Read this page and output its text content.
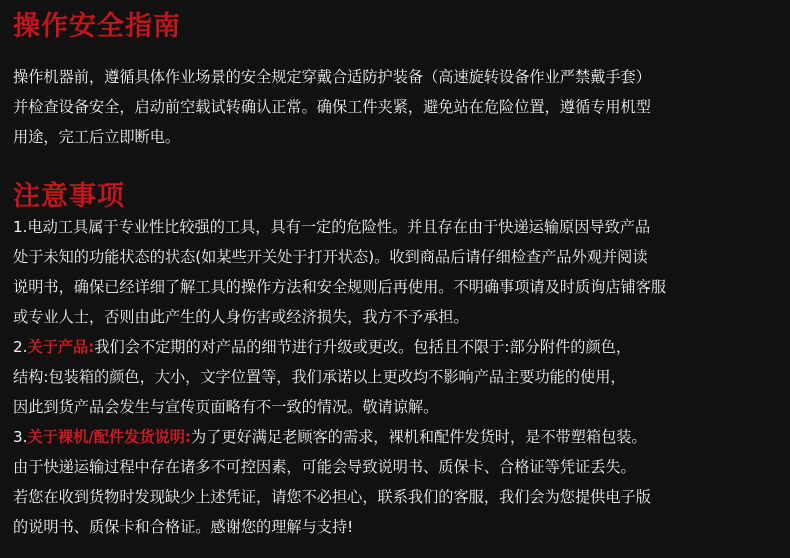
操作安全指南
操作机器前，遵循具体作业场景的安全规定穿戴合适防护装备（高速旋转设备作业严禁戴手套）
并检查设备安全，启动前空载试转确认正常。确保工件夹紧，避免站在危险位置，遵循专用机型
用途，完工后立即断电。
注意事项
1.电动工具属于专业性比较强的工具，具有一定的危险性。并且存在由于快递运输原因导致产品
处于未知的功能状态的状态(如某些开关处于打开状态)。收到商品后请仔细检查产品外观并阅读
说明书，确保已经详细了解工具的操作方法和安全规则后再使用。不明确事项请及时质询店铺客服
或专业人士，否则由此产生的人身伤害或经济损失，我方不予承担。
2.关于产品:我们会不定期的对产品的细节进行升级或更改。包括且不限于:部分附件的颜色，
结构:包装箱的颜色，大小，文字位置等，我们承诺以上更改均不影响产品主要功能的使用，
因此到货产品会发生与宣传页面略有不一致的情况。敬请谅解。
3.关于裸机/配件发货说明:为了更好满足老顾客的需求，裸机和配件发货时，是不带塑箱包装。
由于快递运输过程中存在诸多不可控因素，可能会导致说明书、质保卡、合格证等凭证丢失。
若您在收到货物时发现缺少上述凭证，请您不必担心，联系我们的客服，我们会为您提供电子版
的说明书、质保卡和合格证。感谢您的理解与支持!
